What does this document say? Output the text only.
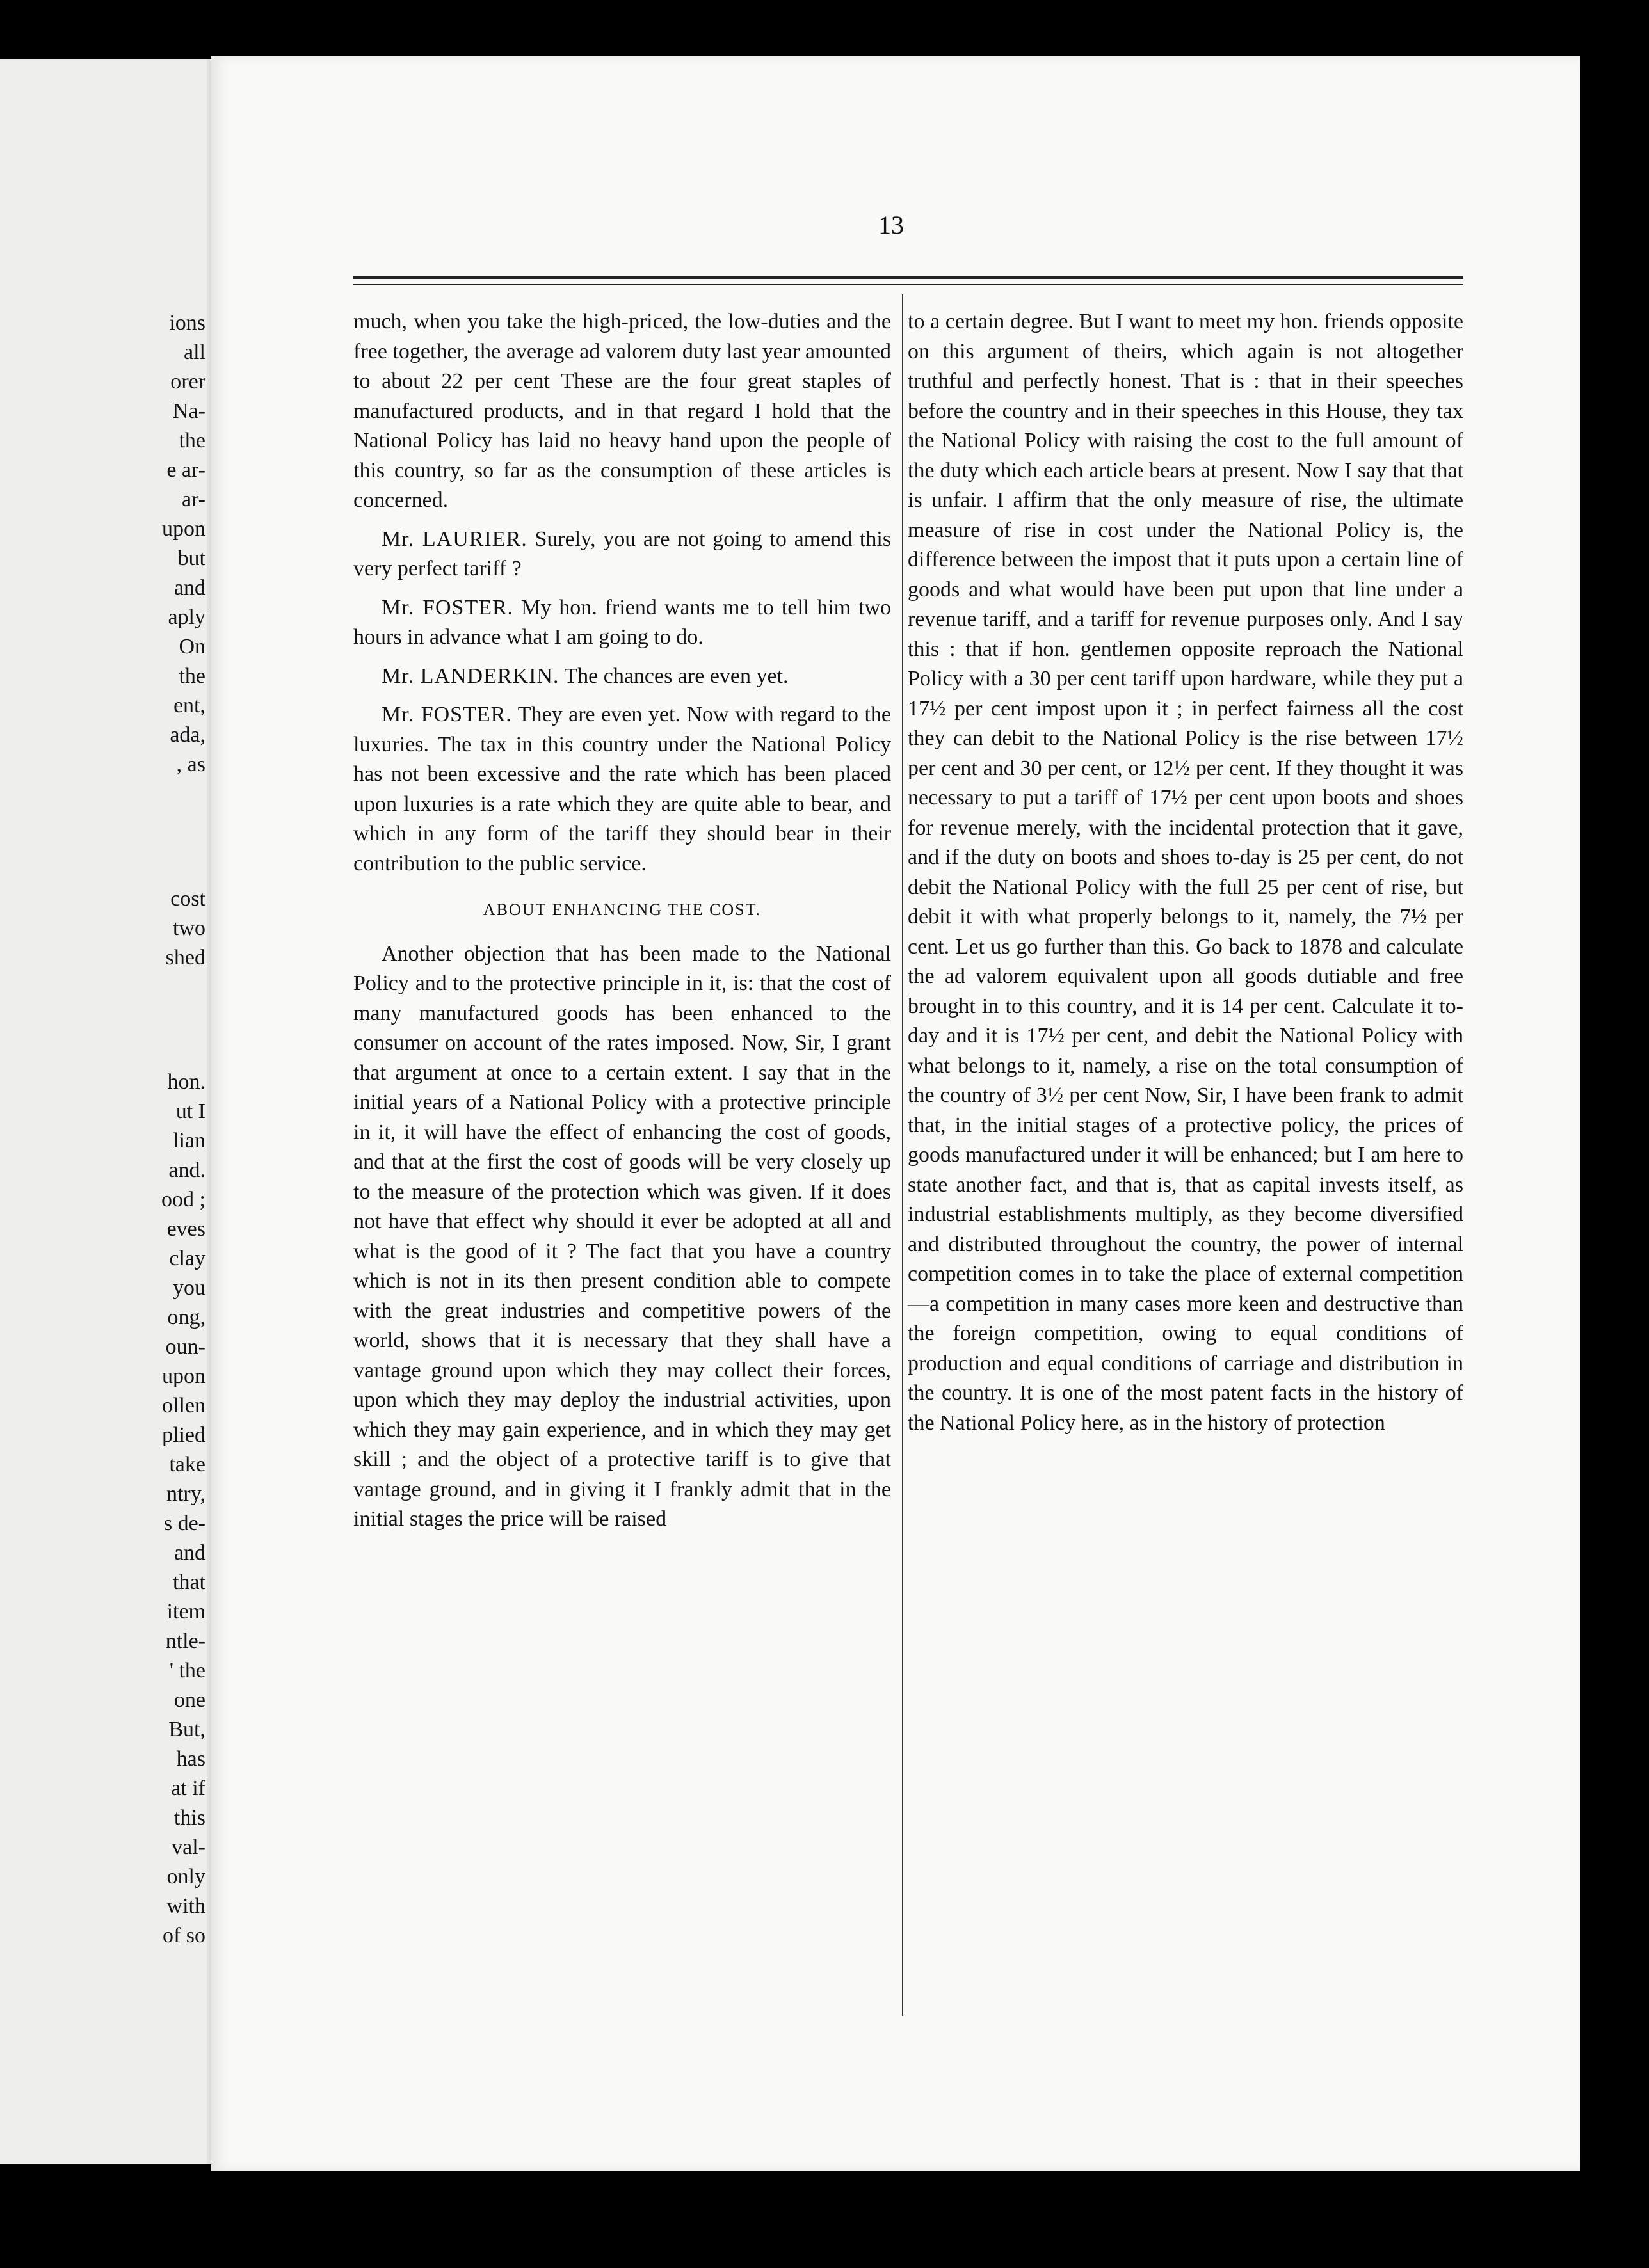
ions
all
orer
Na-
the
e ar-
ar-
upon
but
and
aply
On
the
ent,
ada,
, as
cost
two
shed
hon.
ut I
lian
and.
ood ;
eves
clay
you
ong,
oun-
upon
ollen
plied
take
ntry,
s de-
and
that
item
ntle-
' the
one
But,
has
at if
this
val-
only
with
of so
13

much, when you take the high-priced, the low-duties and the free together, the average ad valorem duty last year amounted to about 22 per cent These are the four great staples of manufactured products, and in that regard I hold that the National Policy has laid no heavy hand upon the people of this country, so far as the consumption of these articles is concerned.

Mr. LAURIER. Surely, you are not going to amend this very perfect tariff ?

Mr. FOSTER. My hon. friend wants me to tell him two hours in advance what I am going to do.

Mr. LANDERKIN. The chances are even yet.

Mr. FOSTER. They are even yet. Now with regard to the luxuries. The tax in this country under the National Policy has not been excessive and the rate which has been placed upon luxuries is a rate which they are quite able to bear, and which in any form of the tariff they should bear in their contribution to the public service.

ABOUT ENHANCING THE COST.

Another objection that has been made to the National Policy and to the protective principle in it, is: that the cost of many manufactured goods has been enhanced to the consumer on account of the rates imposed. Now, Sir, I grant that argument at once to a certain extent. I say that in the initial years of a National Policy with a protective principle in it, it will have the effect of enhancing the cost of goods, and that at the first the cost of goods will be very closely up to the measure of the protection which was given. If it does not have that effect why should it ever be adopted at all and what is the good of it ? The fact that you have a country which is not in its then present condition able to compete with the great industries and competitive powers of the world, shows that it is necessary that they shall have a vantage ground upon which they may collect their forces, upon which they may deploy the industrial activities, upon which they may gain experience, and in which they may get skill ; and the object of a protective tariff is to give that vantage ground, and in giving it I frankly admit that in the initial stages the price will be raised

to a certain degree. But I want to meet my hon. friends opposite on this argument of theirs, which again is not altogether truthful and perfectly honest. That is : that in their speeches before the country and in their speeches in this House, they tax the National Policy with raising the cost to the full amount of the duty which each article bears at present. Now I say that that is unfair. I affirm that the only measure of rise, the ultimate measure of rise in cost under the National Policy is, the difference between the impost that it puts upon a certain line of goods and what would have been put upon that line under a revenue tariff, and a tariff for revenue purposes only. And I say this : that if hon. gentlemen opposite reproach the National Policy with a 30 per cent tariff upon hardware, while they put a 17½ per cent impost upon it ; in perfect fairness all the cost they can debit to the National Policy is the rise between 17½ per cent and 30 per cent, or 12½ per cent. If they thought it was necessary to put a tariff of 17½ per cent upon boots and shoes for revenue merely, with the incidental protection that it gave, and if the duty on boots and shoes to-day is 25 per cent, do not debit the National Policy with the full 25 per cent of rise, but debit it with what properly belongs to it, namely, the 7½ per cent. Let us go further than this. Go back to 1878 and calculate the ad valorem equivalent upon all goods dutiable and free brought in to this country, and it is 14 per cent. Calculate it to-day and it is 17½ per cent, and debit the National Policy with what belongs to it, namely, a rise on the total consumption of the country of 3½ per cent Now, Sir, I have been frank to admit that, in the initial stages of a protective policy, the prices of goods manufactured under it will be enhanced; but I am here to state another fact, and that is, that as capital invests itself, as industrial establishments multiply, as they become diversified and distributed throughout the country, the power of internal competition comes in to take the place of external competition—a competition in many cases more keen and destructive than the foreign competition, owing to equal conditions of production and equal conditions of carriage and distribution in the country. It is one of the most patent facts in the history of the National Policy here, as in the history of protection
